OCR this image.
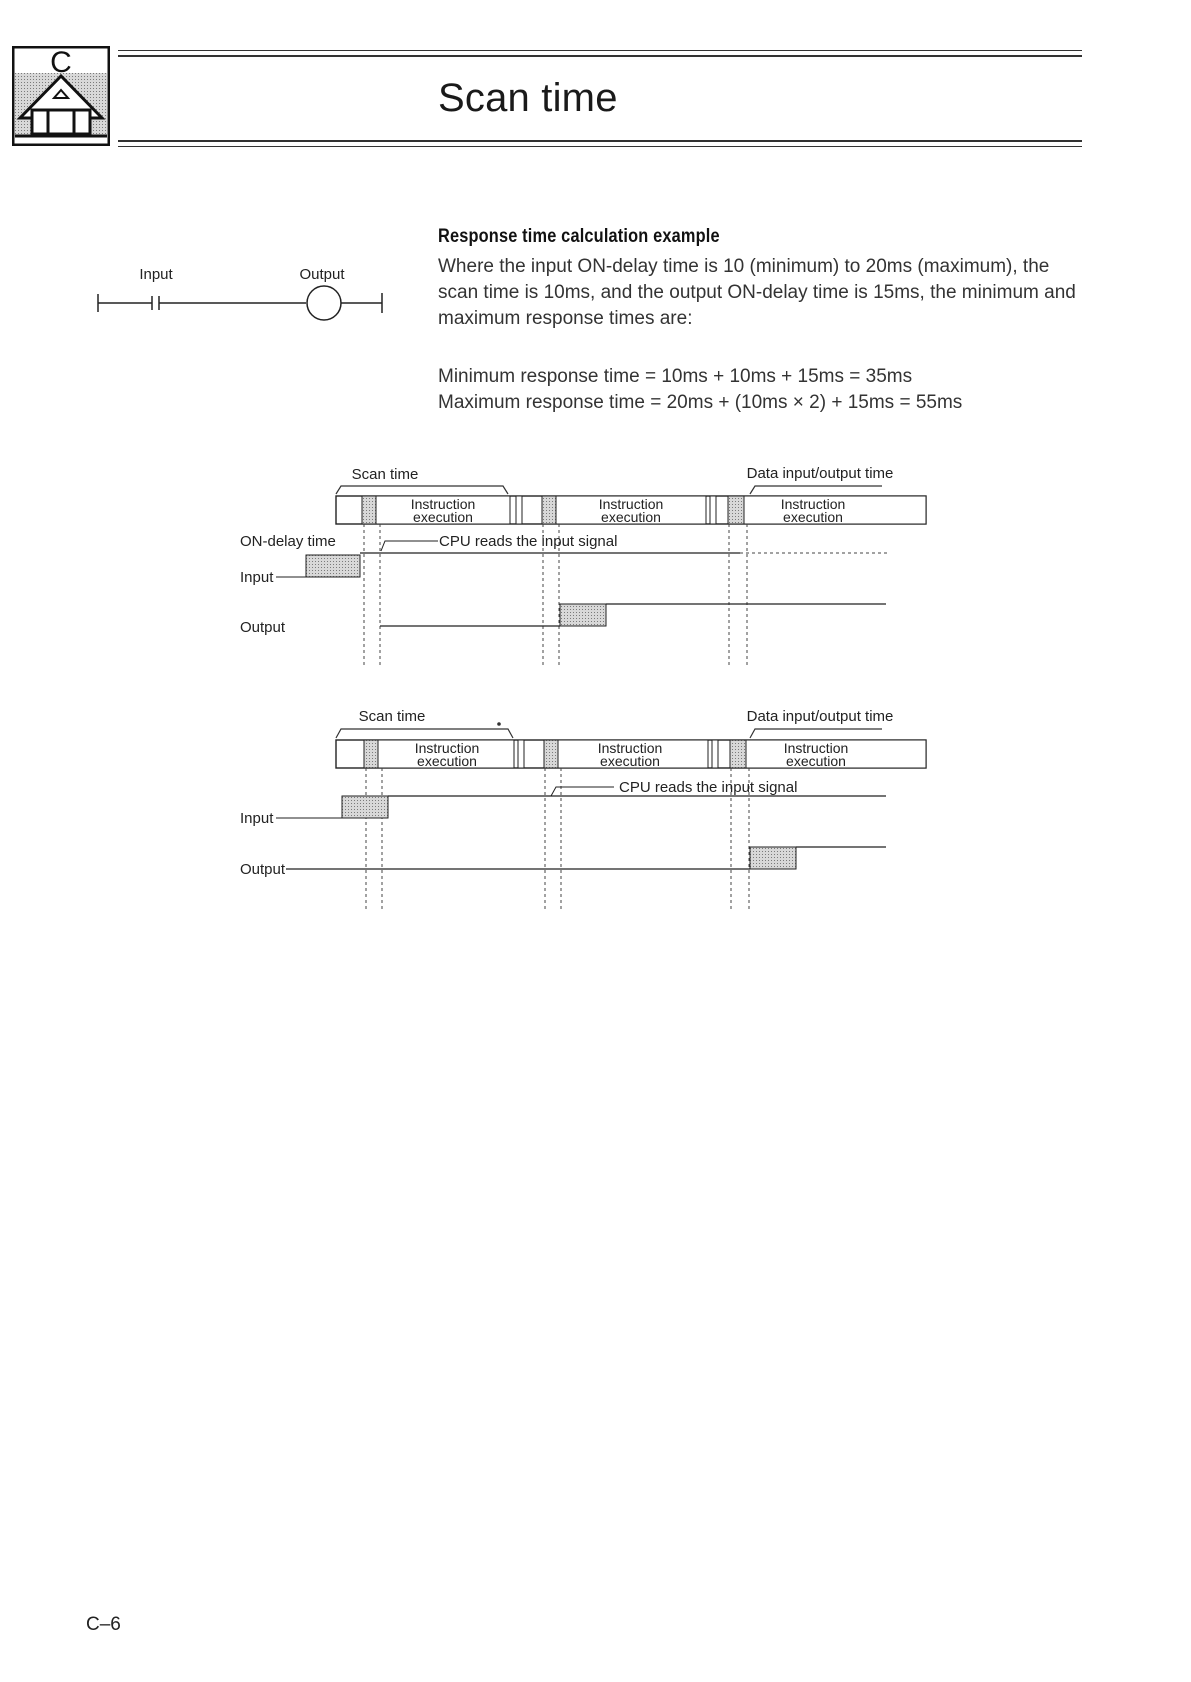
C
Scan time
Input	Output
Response time calculation example
Where the input ON-delay time is 10 (minimum) to 20ms (maximum), the scan time is 10ms, and the output ON-delay time is 15ms, the minimum and maximum response times are:
Minimum response time = 10ms + 10ms + 15ms = 35ms
Maximum response time = 20ms + (10ms × 2) + 15ms = 55ms
Scan time	Data input/output time
Instruction
execution
Instruction
execution
Instruction
execution
ON-delay time	CPU reads the input signal
Input
Output
Scan time	Data input/output time
Instruction
execution
Instruction
execution
Instruction
execution
CPU reads the input signal
Input
Output
C–6
